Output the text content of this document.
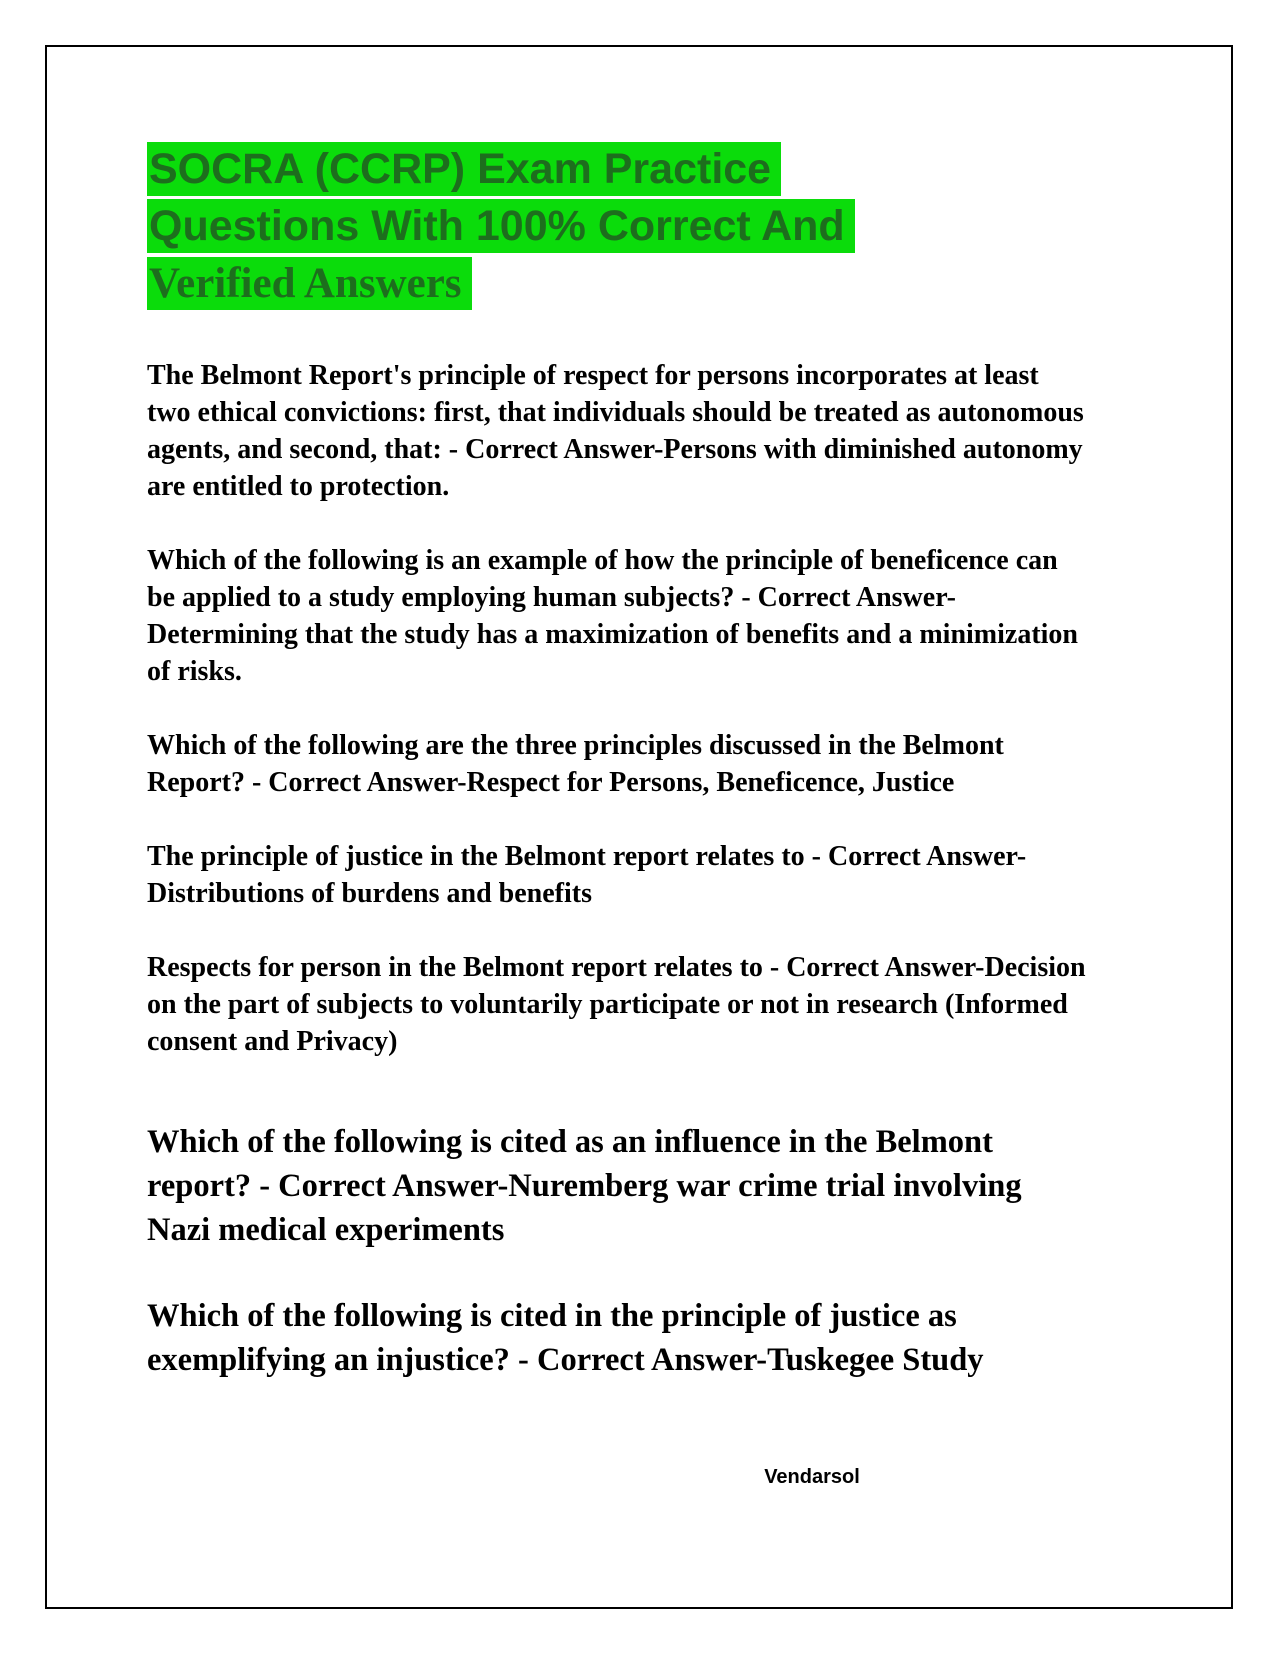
SOCRA (CCRP) Exam Practice
Questions With 100% Correct And
Verified Answers

The Belmont Report's principle of respect for persons incorporates at least two ethical convictions: first, that individuals should be treated as autonomous agents, and second, that: - Correct Answer-Persons with diminished autonomy are entitled to protection.

Which of the following is an example of how the principle of beneficence can be applied to a study employing human subjects? - Correct Answer-Determining that the study has a maximization of benefits and a minimization of risks.

Which of the following are the three principles discussed in the Belmont Report? - Correct Answer-Respect for Persons, Beneficence, Justice

The principle of justice in the Belmont report relates to - Correct Answer-Distributions of burdens and benefits

Respects for person in the Belmont report relates to - Correct Answer-Decision on the part of subjects to voluntarily participate or not in research (Informed consent and Privacy)

Which of the following is cited as an influence in the Belmont report? - Correct Answer-Nuremberg war crime trial involving Nazi medical experiments

Which of the following is cited in the principle of justice as exemplifying an injustice? - Correct Answer-Tuskegee Study

Vendarsol
